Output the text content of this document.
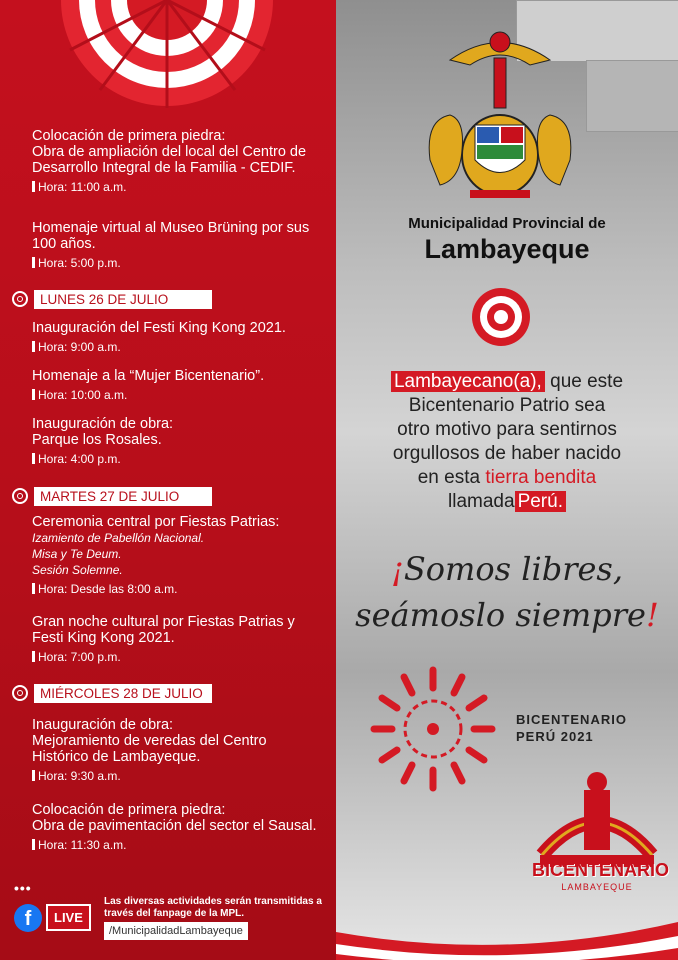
Colocación de primera piedra:
Obra de ampliación del local del Centro de Desarrollo Integral de la Familia - CEDIF.
Hora: 11:00 a.m.
Homenaje virtual al Museo Brüning por sus 100 años.
Hora: 5:00 p.m.
LUNES 26 DE JULIO
Inauguración del Festi King Kong 2021.
Hora: 9:00 a.m.
Homenaje a la “Mujer Bicentenario”.
Hora: 10:00 a.m.
Inauguración de obra:
Parque los Rosales.
Hora: 4:00 p.m.
MARTES 27 DE JULIO
Ceremonia central por Fiestas Patrias:
Izamiento de Pabellón Nacional.
Misa y Te Deum.
Sesión Solemne.
Hora: Desde las 8:00 a.m.
Gran noche cultural por Fiestas Patrias y Festi King Kong 2021.
Hora: 7:00 p.m.
MIÉRCOLES 28 DE JULIO
Inauguración de obra:
Mejoramiento de veredas del Centro Histórico de Lambayeque.
Hora: 9:30 a.m.
Colocación de primera piedra:
Obra de pavimentación del sector el Sausal.
Hora: 11:30 a.m.
•••
f	LIVE
Las diversas actividades serán transmitidas a través del fanpage de la MPL.
/MunicipalidadLambayeque
Municipalidad Provincial de
Lambayeque
Lambayecano(a), que este
Bicentenario Patrio sea
otro motivo para sentirnos
orgullosos de haber nacido
en esta tierra bendita
llamada Perú.
¡Somos libres,
seámoslo siempre!
BICENTENARIO
PERÚ 2021
BICENTENARIO
LAMBAYEQUE
